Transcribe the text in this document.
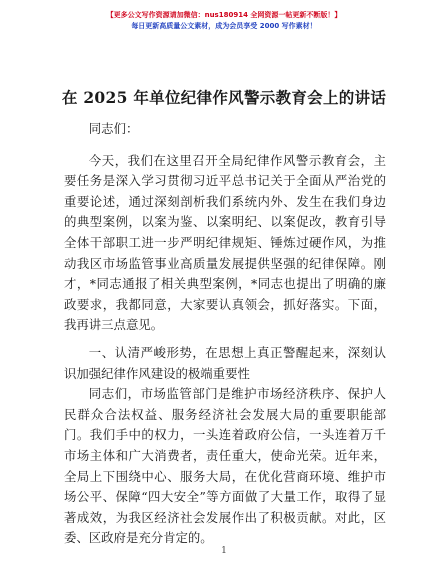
【更多公文写作资源请加微信：nus180914 全网资源一帖更新不断版！】
每日更新高质量公文素材，成为会员享受 2000 写作素材！
在 2025 年单位纪律作风警示教育会上的讲话

同志们：

今天，我们在这里召开全局纪律作风警示教育会，主要任务是深入学习贯彻习近平总书记关于全面从严治党的重要论述，通过深刻剖析我们系统内外、发生在我们身边的典型案例，以案为鉴、以案明纪、以案促改，教育引导全体干部职工进一步严明纪律规矩、锤炼过硬作风，为推动我区市场监管事业高质量发展提供坚强的纪律保障。刚才，*同志通报了相关典型案例，*同志也提出了明确的廉政要求，我都同意，大家要认真领会，抓好落实。下面，我再讲三点意见。

一、认清严峻形势，在思想上真正警醒起来，深刻认识加强纪律作风建设的极端重要性

同志们，市场监管部门是维护市场经济秩序、保护人民群众合法权益、服务经济社会发展大局的重要职能部门。我们手中的权力，一头连着政府公信，一头连着万千市场主体和广大消费者，责任重大，使命光荣。近年来，全局上下围绕中心、服务大局，在优化营商环境、维护市场公平、保障“四大安全”等方面做了大量工作，取得了显著成效，为我区经济社会发展作出了积极贡献。对此，区委、区政府是充分肯定的。

1
